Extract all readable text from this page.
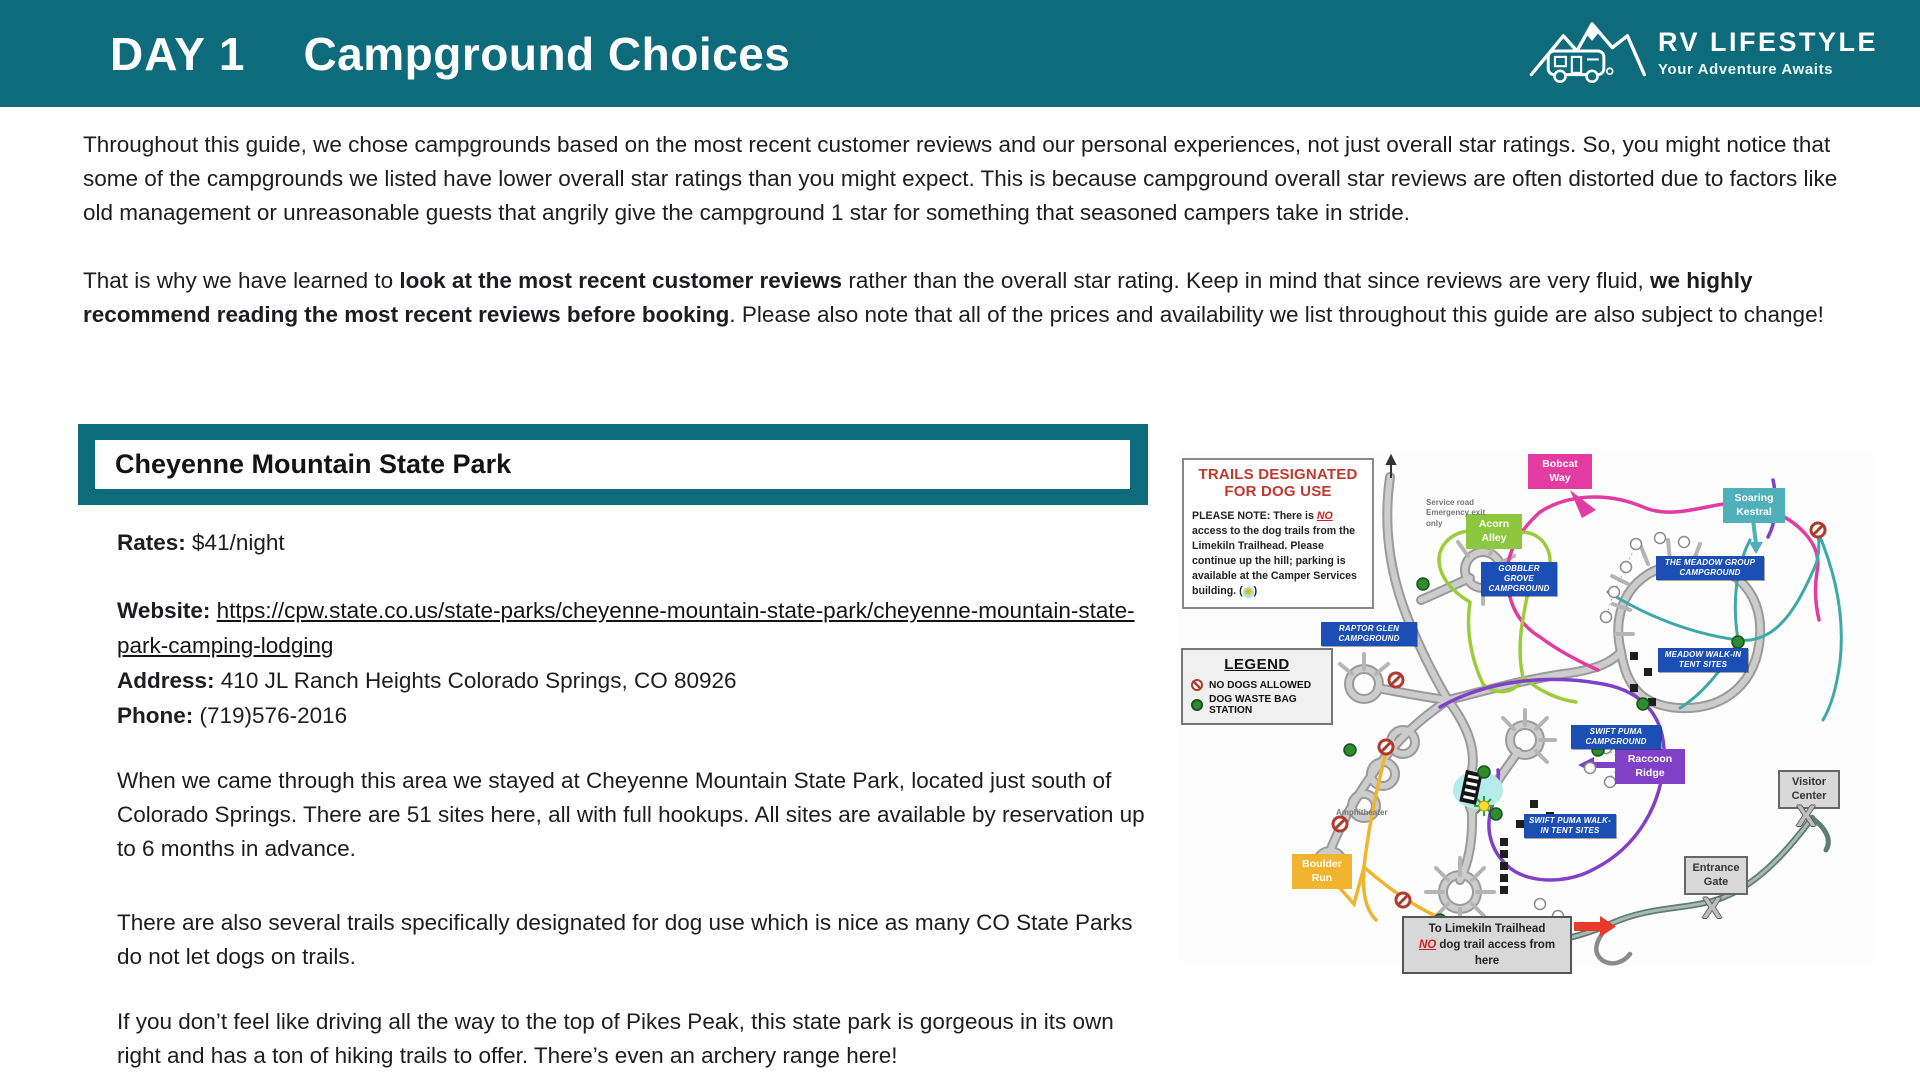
DAY 1 Campground Choices	RV LIFESTYLE
Your Adventure Awaits

Throughout this guide, we chose campgrounds based on the most recent customer reviews and our personal experiences, not just overall star ratings. So, you might notice that some of the campgrounds we listed have lower overall star ratings than you might expect. This is because campground overall star reviews are often distorted due to factors like old management or unreasonable guests that angrily give the campground 1 star for something that seasoned campers take in stride.

That is why we have learned to look at the most recent customer reviews rather than the overall star rating. Keep in mind that since reviews are very fluid, we highly recommend reading the most recent reviews before booking. Please also note that all of the prices and availability we list throughout this guide are also subject to change!

Cheyenne Mountain State Park
Rates: $41/night
Website: https://cpw.state.co.us/state-parks/cheyenne-mountain-state-park/cheyenne-mountain-state-park-camping-lodging
Address: 410 JL Ranch Heights Colorado Springs, CO 80926
Phone: (719)576-2016

When we came through this area we stayed at Cheyenne Mountain State Park, located just south of Colorado Springs. There are 51 sites here, all with full hookups. All sites are available by reservation up to 6 months in advance.

There are also several trails specifically designated for dog use which is nice as many CO State Parks do not let dogs on trails.

If you don’t feel like driving all the way to the top of Pikes Peak, this state park is gorgeous in its own right and has a ton of hiking trails to offer. There’s even an archery range here!

TRAILS DESIGNATED FOR DOG USE
PLEASE NOTE: There is NO access to the dog trails from the Limekiln Trailhead. Please continue up the hill; parking is available at the Camper Services building. ( ✸ )
LEGEND
NO DOGS ALLOWED
DOG WASTE BAG STATION
Bobcat Way
Soaring Kestral
Acorn Alley
Raccoon Ridge
Boulder Run
GOBBLER GROVE CAMPGROUND
THE MEADOW GROUP CAMPGROUND
RAPTOR GLEN CAMPGROUND
MEADOW WALK-IN TENT SITES
SWIFT PUMA CAMPGROUND
SWIFT PUMA WALK-IN TENT SITES
Visitor Center
Entrance Gate
X
X
To Limekiln Trailhead
NO dog trail access from here
Service road
Emergency exit only
Amphitheater
